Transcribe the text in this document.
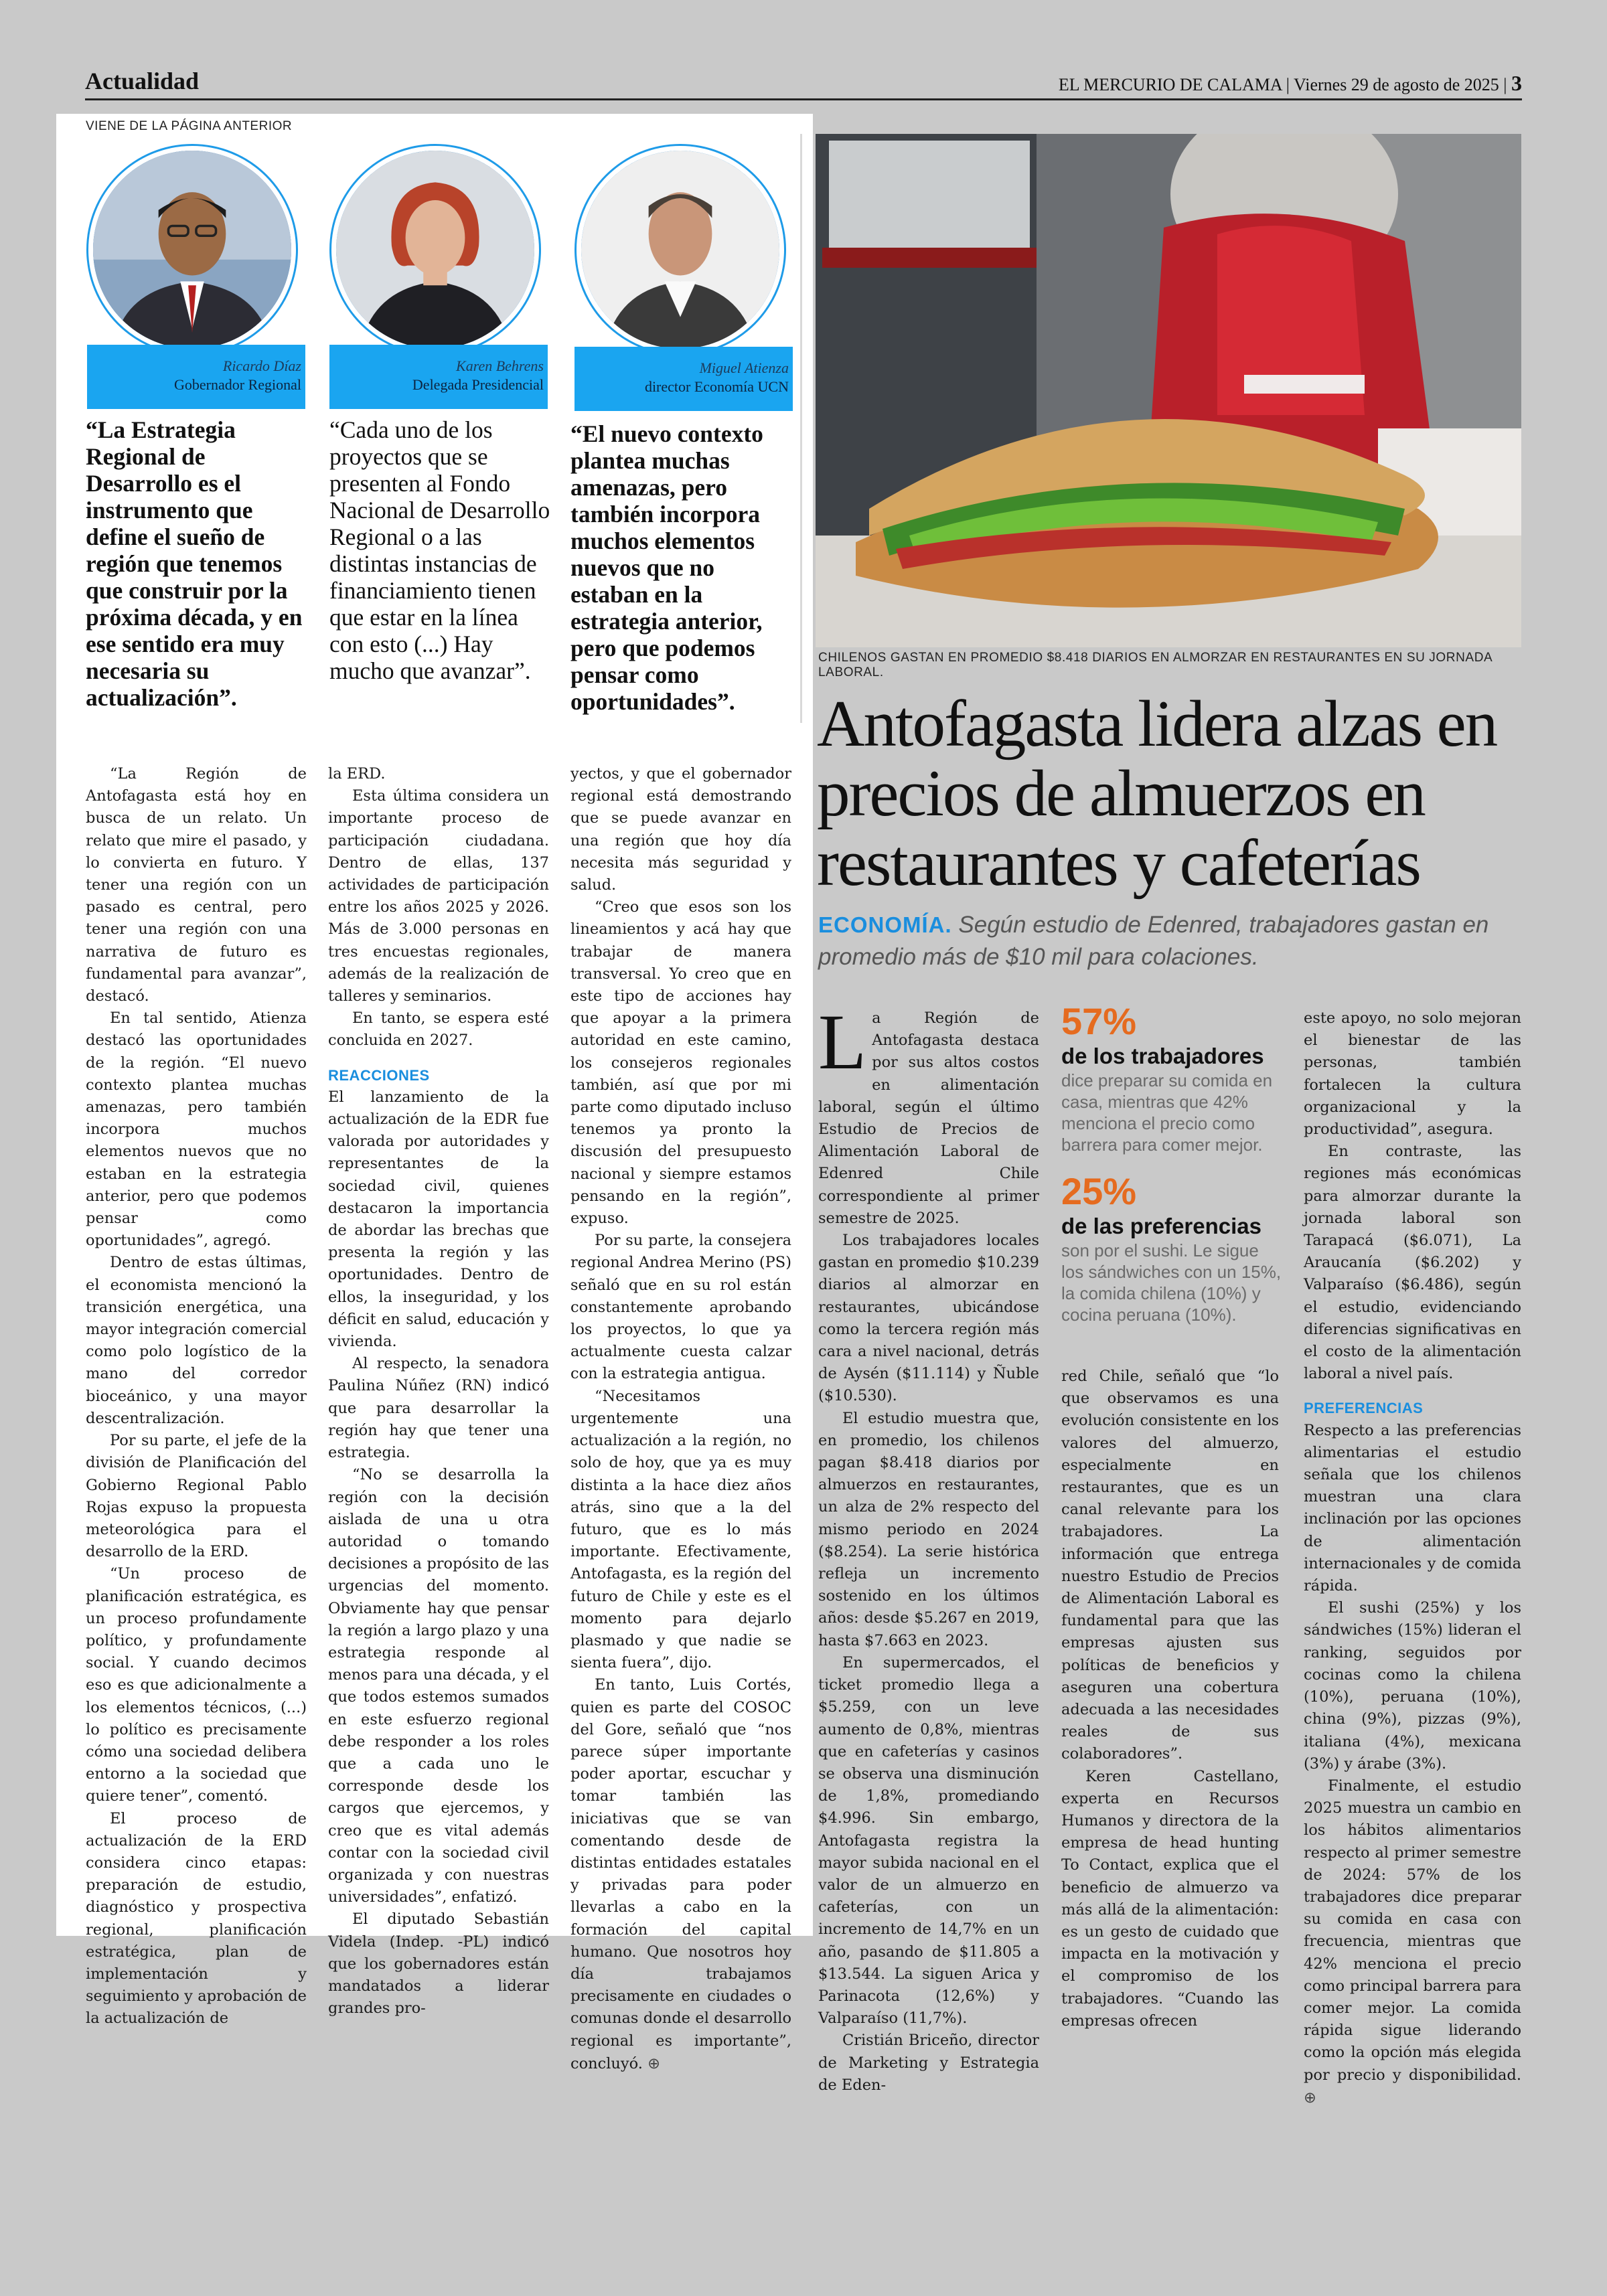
Actualidad	EL MERCURIO DE CALAMA | Viernes 29 de agosto de 2025 | 3
VIENE DE LA PÁGINA ANTERIOR
Ricardo Díaz
Gobernador Regional
Karen Behrens
Delegada Presidencial
Miguel Atienza
director Economía UCN
“La Estrategia Regional de Desarrollo es el instrumento que define el sueño de región que tenemos que construir por la próxima década, y en ese sentido era muy necesaria su actualización”.
“Cada uno de los proyectos que se presenten al Fondo Nacional de Desarrollo Regional o a las distintas instancias de financiamiento tienen que estar en la línea con esto (...) Hay mucho que avanzar”.
“El nuevo contexto plantea muchas amenazas, pero también incorpora muchos elementos nuevos que no estaban en la estrategia anterior, pero que podemos pensar como oportunidades”.

“La Región de Antofagasta está hoy en busca de un relato. Un relato que mire el pasado, y lo convierta en futuro. Y tener una región con un pasado es central, pero tener una región con una narrativa de futuro es fundamental para avanzar”, destacó.

En tal sentido, Atienza destacó las oportunidades de la región. “El nuevo contexto plantea muchas amenazas, pero también incorpora muchos elementos nuevos que no estaban en la estrategia anterior, pero que podemos pensar como oportunidades”, agregó.

Dentro de estas últimas, el economista mencionó la transición energética, una mayor integración comercial como polo logístico de la mano del corredor bioceánico, y una mayor descentralización.

Por su parte, el jefe de la división de Planificación del Gobierno Regional Pablo Rojas expuso la propuesta meteorológica para el desarrollo de la ERD.

“Un proceso de planificación estratégica, es un proceso profundamente político, y profundamente social. Y cuando decimos eso es que adicionalmente a los elementos técnicos, (...) lo político es precisamente cómo una sociedad delibera entorno a la sociedad que quiere tener”, comentó.

El proceso de actualización de la ERD considera cinco etapas: preparación de estudio, diagnóstico y prospectiva regional, planificación estratégica, plan de implementación y seguimiento y aprobación de la actualización de

la ERD.

Esta última considera un importante proceso de participación ciudadana. Dentro de ellas, 137 actividades de participación entre los años 2025 y 2026. Más de 3.000 personas en tres encuestas regionales, además de la realización de talleres y seminarios.

En tanto, se espera esté concluida en 2027.

REACCIONES

El lanzamiento de la actualización de la EDR fue valorada por autoridades y representantes de la sociedad civil, quienes destacaron la importancia de abordar las brechas que presenta la región y las oportunidades. Dentro de ellos, la inseguridad, y los déficit en salud, educación y vivienda.

Al respecto, la senadora Paulina Núñez (RN) indicó que para desarrollar la región hay que tener una estrategia.

“No se desarrolla la región con la decisión aislada de una u otra autoridad o tomando decisiones a propósito de las urgencias del momento. Obviamente hay que pensar la región a largo plazo y una estrategia responde al menos para una década, y el que todos estemos sumados en este esfuerzo regional debe responder a los roles que a cada uno le corresponde desde los cargos que ejercemos, y creo que es vital además contar con la sociedad civil organizada y con nuestras universidades”, enfatizó.

El diputado Sebastián Videla (Indep. -PL) indicó que los gobernadores están mandatados a liderar grandes pro-

yectos, y que el gobernador regional está demostrando que se puede avanzar en una región que hoy día necesita más seguridad y salud.

“Creo que esos son los lineamientos y acá hay que trabajar de manera transversal. Yo creo que en este tipo de acciones hay que apoyar a la primera autoridad en este camino, los consejeros regionales también, así que por mi parte como diputado incluso tenemos ya pronto la discusión del presupuesto nacional y siempre estamos pensando en la región”, expuso.

Por su parte, la consejera regional Andrea Merino (PS) señaló que en su rol están constantemente aprobando los proyectos, lo que ya actualmente cuesta calzar con la estrategia antigua.

“Necesitamos urgentemente una actualización a la región, no solo de hoy, que ya es muy distinta a la hace diez años atrás, sino que a la del futuro, que es lo más importante. Efectivamente, Antofagasta, es la región del futuro de Chile y este es el momento para dejarlo plasmado y que nadie se sienta fuera”, dijo.

En tanto, Luis Cortés, quien es parte del COSOC del Gore, señaló que “nos parece súper importante poder aportar, escuchar y tomar también las iniciativas que se van comentando desde de distintas entidades estatales y privadas para poder llevarlas a cabo en la formación del capital humano. Que nosotros hoy día trabajamos precisamente en ciudades o comunas donde el desarrollo regional es importante”, concluyó. ⊕

CHILENOS GASTAN EN PROMEDIO $8.418 DIARIOS EN ALMORZAR EN RESTAURANTES EN SU JORNADA LABORAL.
Antofagasta lidera alzas en precios de almuerzos en restaurantes y cafeterías
ECONOMÍA. Según estudio de Edenred, trabajadores gastan en promedio más de $10 mil para colaciones.

La Región de Antofagasta destaca por sus altos costos en alimentación laboral, según el último Estudio de Precios de Alimentación Laboral de Edenred Chile correspondiente al primer semestre de 2025.

Los trabajadores locales gastan en promedio $10.239 diarios al almorzar en restaurantes, ubicándose como la tercera región más cara a nivel nacional, detrás de Aysén ($11.114) y Ñuble ($10.530).

El estudio muestra que, en promedio, los chilenos pagan $8.418 diarios por almuerzos en restaurantes, un alza de 2% respecto del mismo periodo en 2024 ($8.254). La serie histórica refleja un incremento sostenido en los últimos años: desde $5.267 en 2019, hasta $7.663 en 2023.

En supermercados, el ticket promedio llega a $5.259, con un leve aumento de 0,8%, mientras que en cafeterías y casinos se observa una disminución de 1,8%, promediando $4.996. Sin embargo, Antofagasta registra la mayor subida nacional en el valor de un almuerzo en cafeterías, con un incremento de 14,7% en un año, pasando de $11.805 a $13.544. La siguen Arica y Parinacota (12,6%) y Valparaíso (11,7%).

Cristián Briceño, director de Marketing y Estrategia de Eden-

57%
de los trabajadores
dice preparar su comida en casa, mientras que 42% menciona el precio como barrera para comer mejor.
25%
de las preferencias
son por el sushi. Le sigue los sándwiches con un 15%, la comida chilena (10%) y cocina peruana (10%).

red Chile, señaló que “lo que observamos es una evolución consistente en los valores del almuerzo, especialmente en restaurantes, que es un canal relevante para los trabajadores. La información que entrega nuestro Estudio de Precios de Alimentación Laboral es fundamental para que las empresas ajusten sus políticas de beneficios y aseguren una cobertura adecuada a las necesidades reales de sus colaboradores”.

Keren Castellano, experta en Recursos Humanos y directora de la empresa de head hunting To Contact, explica que el beneficio de almuerzo va más allá de la alimentación: es un gesto de cuidado que impacta en la motivación y el compromiso de los trabajadores. “Cuando las empresas ofrecen

este apoyo, no solo mejoran el bienestar de las personas, también fortalecen la cultura organizacional y la productividad”, asegura.

En contraste, las regiones más económicas para almorzar durante la jornada laboral son Tarapacá ($6.071), La Araucanía ($6.202) y Valparaíso ($6.486), según el estudio, evidenciando diferencias significativas en el costo de la alimentación laboral a nivel país.

PREFERENCIAS

Respecto a las preferencias alimentarias el estudio señala que los chilenos muestran una clara inclinación por las opciones de alimentación internacionales y de comida rápida.

El sushi (25%) y los sándwiches (15%) lideran el ranking, seguidos por cocinas como la chilena (10%), peruana (10%), china (9%), pizzas (9%), italiana (4%), mexicana (3%) y árabe (3%).

Finalmente, el estudio 2025 muestra un cambio en los hábitos alimentarios respecto al primer semestre de 2024: 57% de los trabajadores dice preparar su comida en casa con frecuencia, mientras que 42% menciona el precio como principal barrera para comer mejor. La comida rápida sigue liderando como la opción más elegida por precio y disponibilidad. ⊕
